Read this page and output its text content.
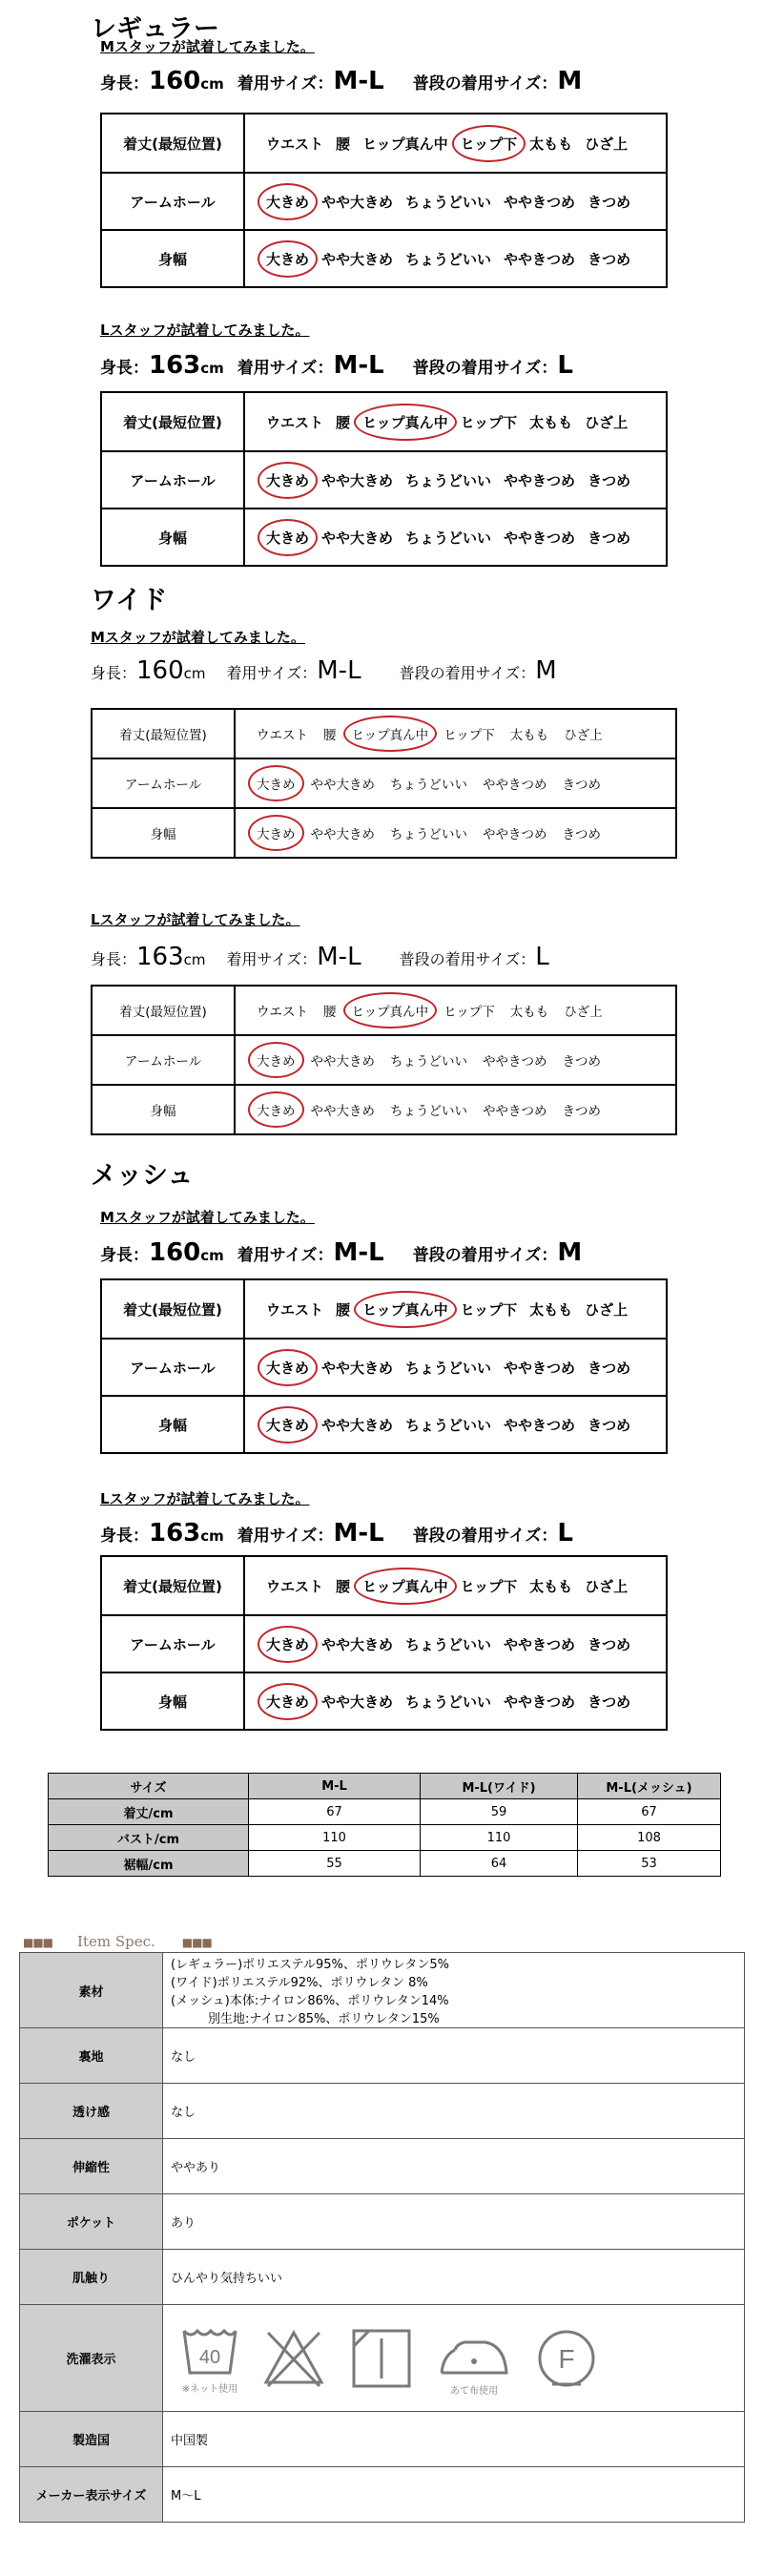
レギュラー
Mスタッフが試着してみました。
身長：160cm 着用サイズ：M-L 普段の着用サイズ：M
着丈(最短位置)	ウエスト 腰 ヒップ真ん中 ヒップ下 太もも ひざ上
アームホール	大きめ やや大きめ ちょうどいい ややきつめ きつめ
身幅	大きめ やや大きめ ちょうどいい ややきつめ きつめ
Lスタッフが試着してみました。
身長：163cm 着用サイズ：M-L 普段の着用サイズ：L
着丈(最短位置)	ウエスト 腰 ヒップ真ん中 ヒップ下 太もも ひざ上
アームホール	大きめ やや大きめ ちょうどいい ややきつめ きつめ
身幅	大きめ やや大きめ ちょうどいい ややきつめ きつめ
ワイド
Mスタッフが試着してみました。
身長：160cm 着用サイズ：M-L	普段の着用サイズ：M
着丈(最短位置)	ウエスト 腰 ヒップ真ん中 ヒップ下 太もも ひざ上
アームホール	大きめ やや大きめ ちょうどいい ややきつめ きつめ
身幅	大きめ やや大きめ ちょうどいい ややきつめ きつめ
Lスタッフが試着してみました。
身長：163cm 着用サイズ：M-L	普段の着用サイズ：L
着丈(最短位置)	ウエスト 腰 ヒップ真ん中 ヒップ下 太もも ひざ上
アームホール	大きめ やや大きめ ちょうどいい ややきつめ きつめ
身幅	大きめ やや大きめ ちょうどいい ややきつめ きつめ
メッシュ
Mスタッフが試着してみました。
身長：160cm 着用サイズ：M-L 普段の着用サイズ：M
着丈(最短位置)	ウエスト 腰 ヒップ真ん中 ヒップ下 太もも ひざ上
アームホール	大きめ やや大きめ ちょうどいい ややきつめ きつめ
身幅	大きめ やや大きめ ちょうどいい ややきつめ きつめ
Lスタッフが試着してみました。
身長：163cm 着用サイズ：M-L 普段の着用サイズ：L
着丈(最短位置)	ウエスト 腰 ヒップ真ん中 ヒップ下 太もも ひざ上
アームホール	大きめ やや大きめ ちょうどいい ややきつめ きつめ
身幅	大きめ やや大きめ ちょうどいい ややきつめ きつめ
サイズ	M-L	M-L(ワイド)	M-L(メッシュ)
着丈/cm	67	59	67
バスト/cm	110	110	108
裾幅/cm	55	64	53
■■■ Item Spec. ■■■
素材	(レギュラー)ポリエステル95%、ポリウレタン5%
(ワイド)ポリエステル92%、ポリウレタン 8%
(メッシュ)本体:ナイロン86%、ポリウレタン14%
　　　別生地:ナイロン85%、ポリウレタン15%

裏地	なし

透け感	なし

伸縮性	ややあり

ポケット	あり

肌触り	ひんやり気持ちいい

洗濯表示	40
※ネット使用 あて布使用
F

製造国	中国製

メーカー表示サイズ	M～L
